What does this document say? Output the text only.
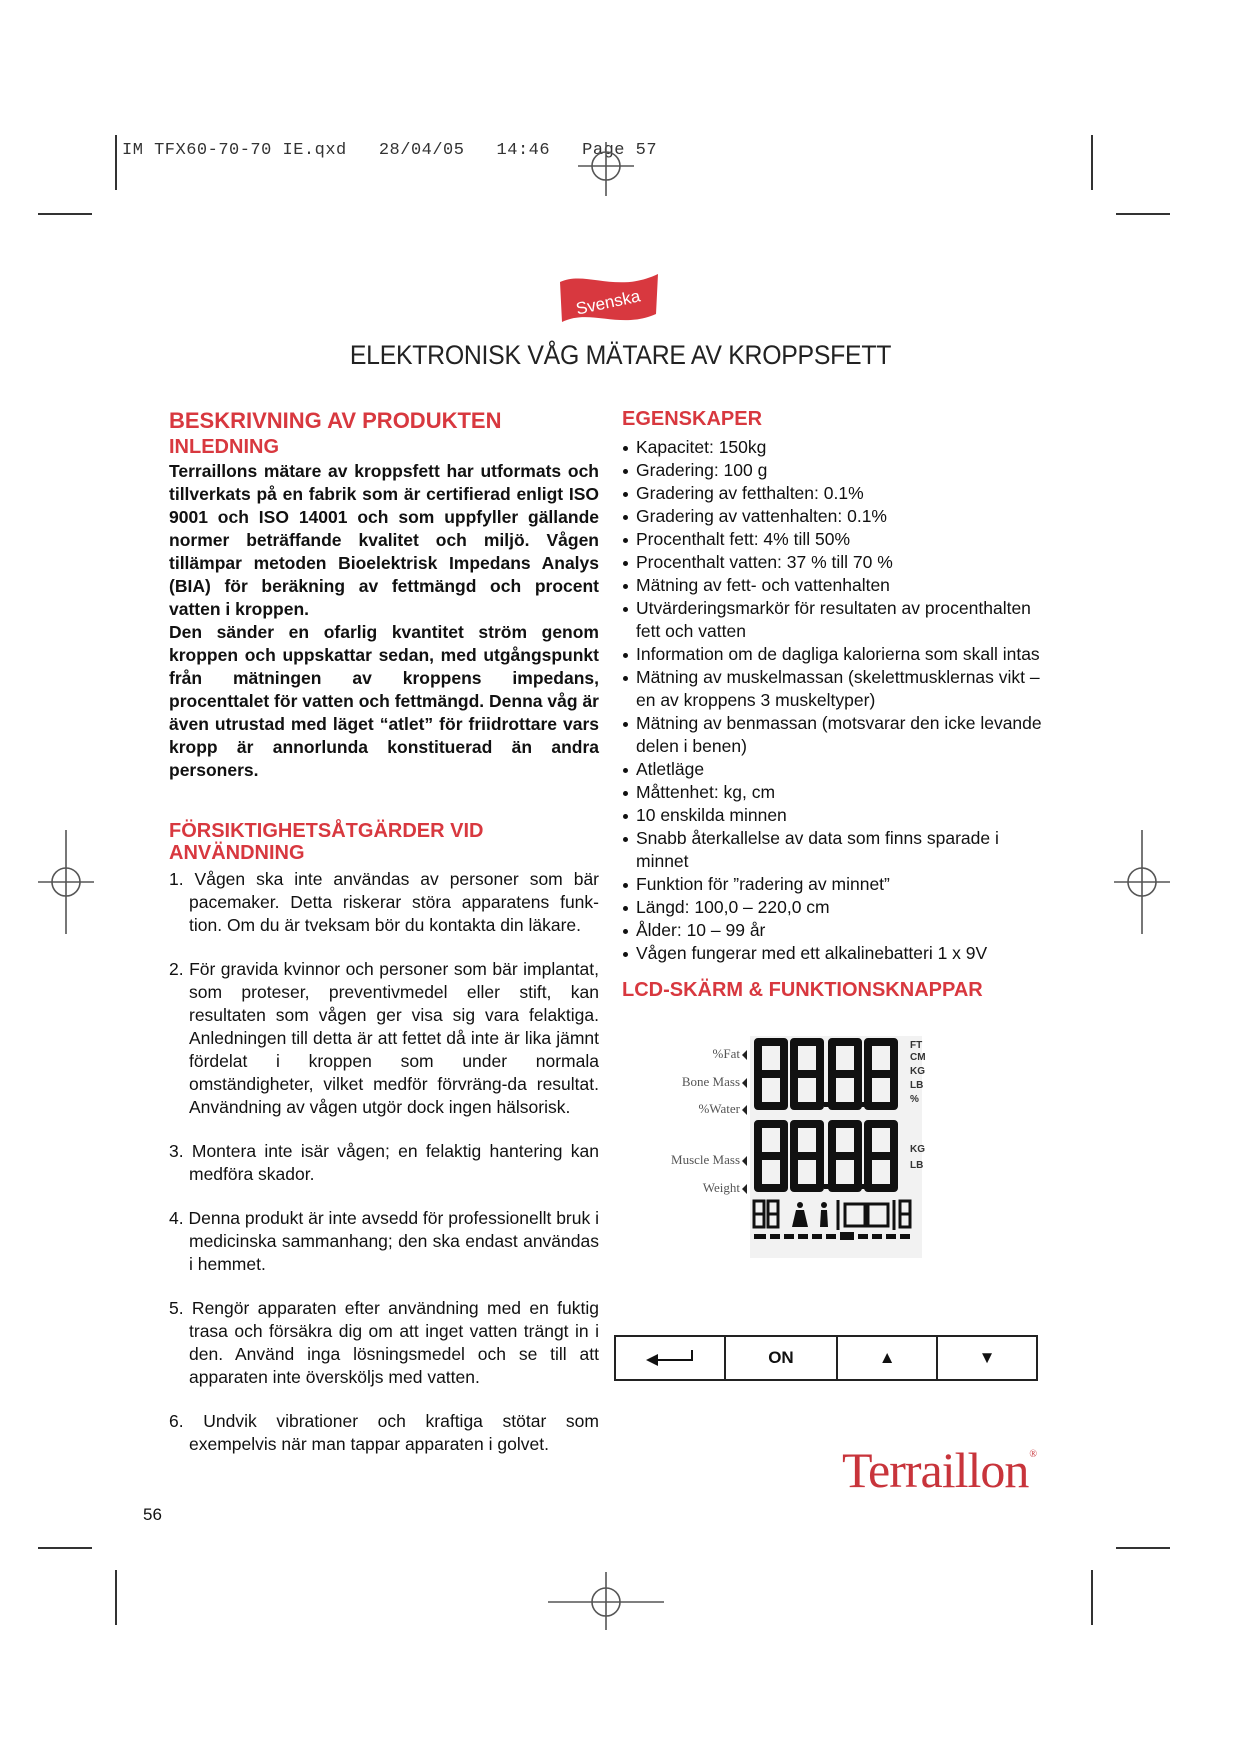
IM TFX60-70-70 IE.qxd   28/04/05   14:46   Page 57
Svenska
ELEKTRONISK VÅG MÄTARE AV KROPPSFETT
BESKRIVNING AV PRODUKTEN
INLEDNING

Terraillons mätare av kroppsfett har utformats och tillverkats på en fabrik som är certifierad enligt ISO 9001 och ISO 14001 och som uppfyller gällande normer beträffande kvalitet och miljö. Vågen tillämpar metoden Bioelektrisk Impedans Analys (BIA) för beräkning av fettmängd och procent vatten i kroppen.

Den sänder en ofarlig kvantitet ström genom kroppen och uppskattar sedan, med utgångspunkt från mätningen av kroppens impedans, procenttalet för vatten och fettmängd. Denna våg är även utrustad med läget “atlet” för friidrottare vars kropp är annorlunda konstituerad än andra personers.

FÖRSIKTIGHETSÅTGÄRDER VID
ANVÄNDNING
1. Vågen ska inte användas av personer som bär pacemaker. Detta riskerar störa apparatens funk-tion. Om du är tveksam bör du kontakta din läkare.
2. För gravida kvinnor och personer som bär implantat, som proteser, preventivmedel eller stift, kan resultaten som vågen ger visa sig vara felaktiga. Anledningen till detta är att fettet då inte är lika jämnt fördelat i kroppen som under normala omständigheter, vilket medför förvräng-da resultat. Användning av vågen utgör dock ingen hälsorisk.
3. Montera inte isär vågen; en felaktig hantering kan medföra skador.
4. Denna produkt är inte avsedd för professionellt bruk i medicinska sammanhang; den ska endast användas i hemmet.
5. Rengör apparaten efter användning med en fuktig trasa och försäkra dig om att inget vatten trängt in i den. Använd inga lösningsmedel och se till att apparaten inte översköljs med vatten.
6. Undvik vibrationer och kraftiga stötar som exempelvis när man tappar apparaten i golvet.
EGENSKAPER
Kapacitet: 150kg
Gradering: 100 g
Gradering av fetthalten: 0.1%
Gradering av vattenhalten: 0.1%
Procenthalt fett: 4% till 50%
Procenthalt vatten: 37 % till 70 %
Mätning av fett- och vattenhalten
Utvärderingsmarkör för resultaten av procenthalten fett och vatten
Information om de dagliga kalorierna som skall intas
Mätning av muskelmassan (skelettmusklernas vikt – en av kroppens 3 muskeltyper)
Mätning av benmassan (motsvarar den icke levande delen i benen)
Atletläge
Måttenhet: kg, cm
10 enskilda minnen
Snabb återkallelse av data som finns sparade i minnet
Funktion för ”radering av minnet”
Längd: 100,0 – 220,0 cm
Ålder: 10 – 99 år
Vågen fungerar med ett alkalinebatteri 1 x 9V
LCD-SKÄRM & FUNKTIONSKNAPPAR
%Fat
Bone Mass
%Water
Muscle Mass
Weight
FT
CM
KG
LB
%
KG
LB
ON	▲	▼
Terraillon®
56
